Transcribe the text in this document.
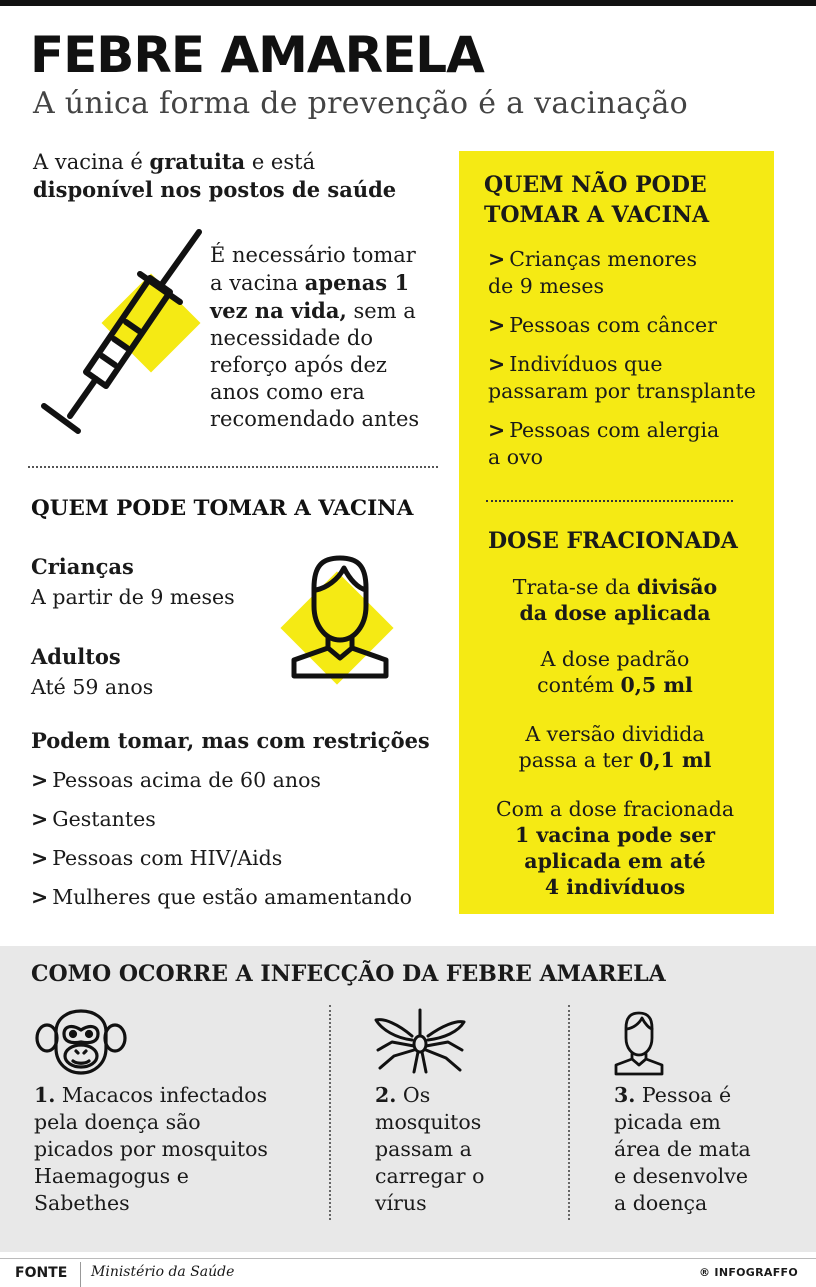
FEBRE AMARELA
A única forma de prevenção é a vacinação
A vacina é gratuita e está
disponível nos postos de saúde
É necessário tomar a vacina apenas 1 vez na vida, sem a necessidade do reforço após dez anos como era recomendado antes
QUEM PODE TOMAR A VACINA
Crianças
A partir de 9 meses
Adultos
Até 59 anos
Podem tomar, mas com restrições
> Pessoas acima de 60 anos
> Gestantes
> Pessoas com HIV/Aids
> Mulheres que estão amamentando
QUEM NÃO PODE
TOMAR A VACINA
> Crianças menores
de 9 meses
> Pessoas com câncer
> Indivíduos que
passaram por transplante
> Pessoas com alergia
a ovo
DOSE FRACIONADA
Trata-se da divisão
da dose aplicada
A dose padrão
contém 0,5 ml
A versão dividida
passa a ter 0,1 ml
Com a dose fracionada
1 vacina pode ser
aplicada em até
4 indivíduos
COMO OCORRE A INFECÇÃO DA FEBRE AMARELA
1. Macacos infectados
pela doença são
picados por mosquitos
Haemagogus e
Sabethes
2. Os
mosquitos
passam a
carregar o
vírus
3. Pessoa é
picada em
área de mata
e desenvolve
a doença
FONTE Ministério da Saúde	® INFOGRAFFO
